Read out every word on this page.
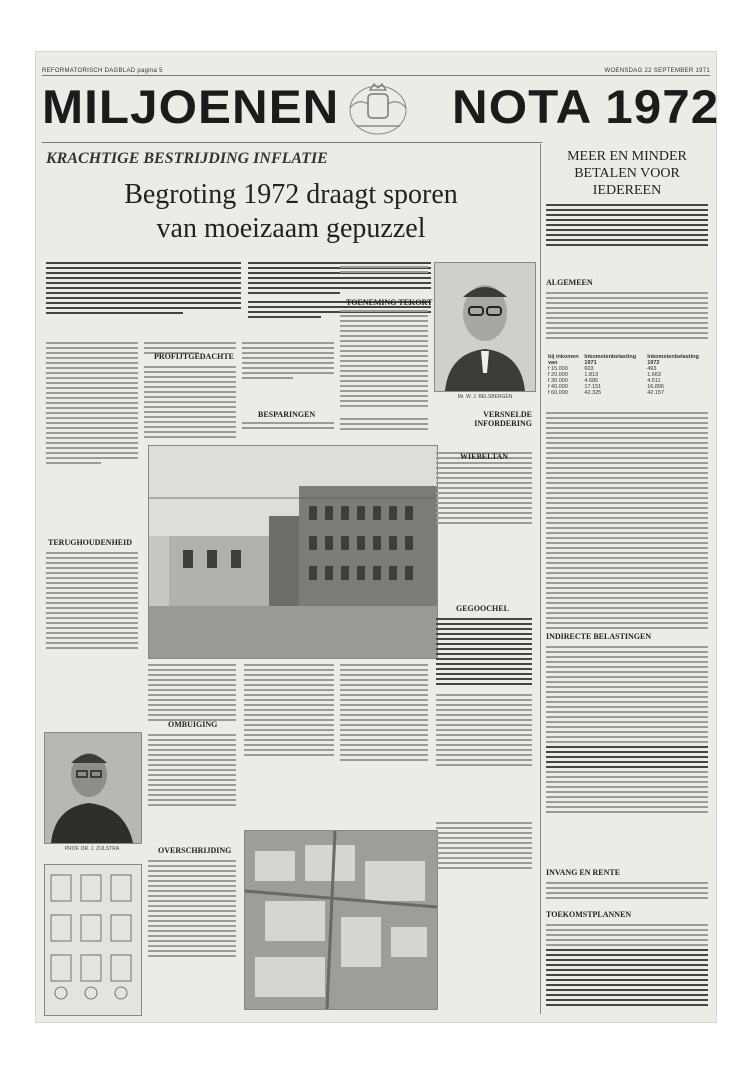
REFORMATORISCH DAGBLAD pagina 5	WOENSDAG 22 SEPTEMBER 1971
MILJOENEN NOTA 1972
KRACHTIGE BESTRIJDING INFLATIE
Begroting 1972 draagt sporen
van moeizaam gepuzzel
TERUGHOUDENHEID
PROFIJTGEDACHTE
BESPARINGEN
TOENEMING TEKORT
Mr. W. J. BELSBERGEN
VERSNELDE INFORDERING
WIEBELTAN
GEGOOCHEL
OMBUIGING
OVERSCHRIJDING
PROF. DR. J. ZIJLSTRA
MEER EN MINDER BETALEN VOOR IEDEREEN
ALGEMEEN
bij inkomen van	Inkomstenbelasting 1971	Inkomstenbelasting 1972
f 15.000	603	493
f 20.000	1.813	1.663
f 30.000	4.685	4.511
f 40.000	17.151	16.896
f 60.000	42.325	42.157
INDIRECTE BELASTINGEN
INVANG EN RENTE
TOEKOMSTPLANNEN
